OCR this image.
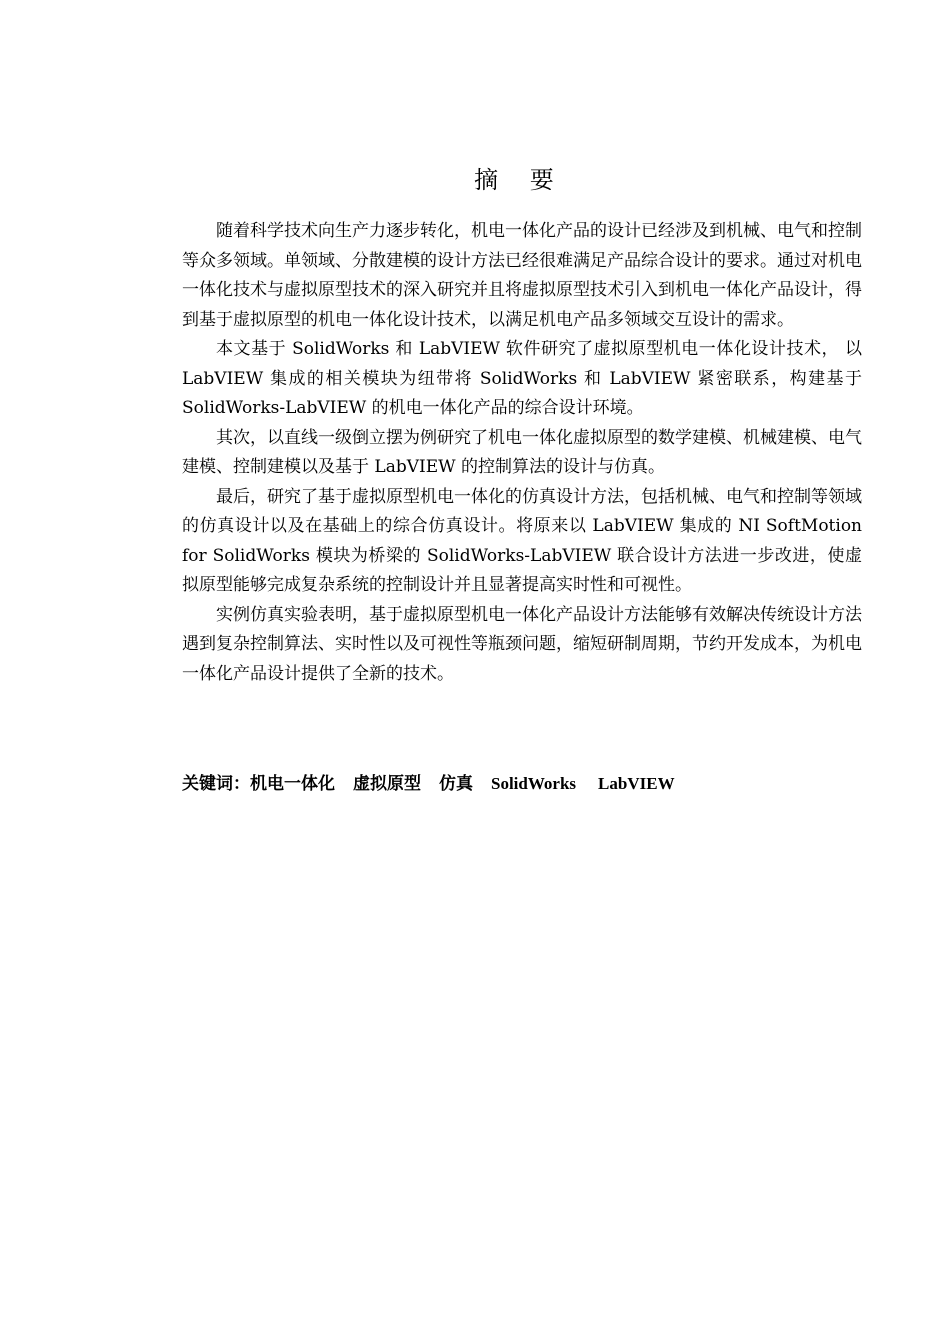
摘 要

随着科学技术向生产力逐步转化，机电一体化产品的设计已经涉及到机械、电气和控制等众多领域。单领域、分散建模的设计方法已经很难满足产品综合设计的要求。通过对机电一体化技术与虚拟原型技术的深入研究并且将虚拟原型技术引入到机电一体化产品设计，得到基于虚拟原型的机电一体化设计技术，以满足机电产品多领域交互设计的需求。

本文基于 SolidWorks 和 LabVIEW 软件研究了虚拟原型机电一体化设计技术， 以 LabVIEW 集成的相关模块为纽带将 SolidWorks 和 LabVIEW 紧密联系，构建基于 SolidWorks-LabVIEW 的机电一体化产品的综合设计环境。

其次，以直线一级倒立摆为例研究了机电一体化虚拟原型的数学建模、机械建模、电气建模、控制建模以及基于 LabVIEW 的控制算法的设计与仿真。

最后，研究了基于虚拟原型机电一体化的仿真设计方法，包括机械、电气和控制等领域的仿真设计以及在基础上的综合仿真设计。将原来以 LabVIEW 集成的 NI SoftMotion for SolidWorks 模块为桥梁的 SolidWorks-LabVIEW 联合设计方法进一步改进，使虚拟原型能够完成复杂系统的控制设计并且显著提高实时性和可视性。

实例仿真实验表明，基于虚拟原型机电一体化产品设计方法能够有效解决传统设计方法遇到复杂控制算法、实时性以及可视性等瓶颈问题，缩短研制周期，节约开发成本，为机电一体化产品设计提供了全新的技术。

关键词：机电一体化 虚拟原型 仿真 SolidWorks LabVIEW
